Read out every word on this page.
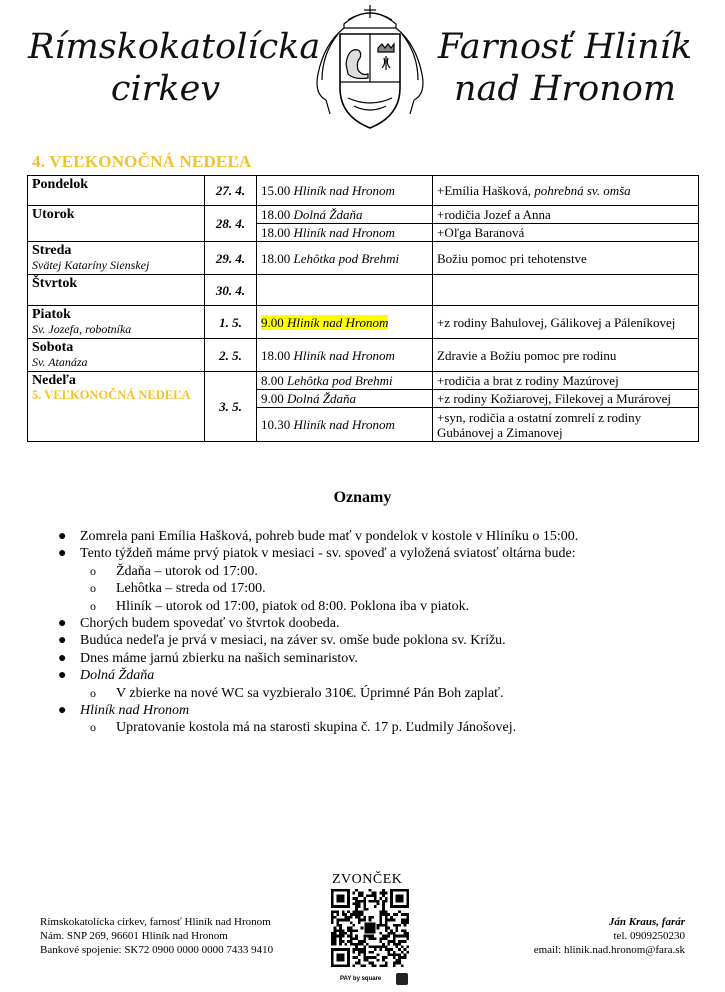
Rímskokatolícka
cirkev
Farnosť Hliník
nad Hronom
4. VEĽKONOČNÁ NEDEĽA
Pondelok	27. 4.	15.00 Hliník nad Hronom	+Emília Hašková, pohrebná sv. omša

Utorok	28. 4.	18.00 Dolná Ždaňa	+rodičia Jozef a Anna
		18.00 Hliník nad Hronom	+Oľga Baranová

Streda
Svätej Kataríny Sienskej	29. 4.	18.00 Lehôtka pod Brehmi	Božiu pomoc pri tehotenstve

Štvrtok	30. 4.		

Piatok
Sv. Jozefa, robotníka	1. 5.	9.00 Hliník nad Hronom	+z rodiny Bahulovej, Gálikovej a Páleníkovej

Sobota
Sv. Atanáza	2. 5.	18.00 Hliník nad Hronom	Zdravie a Božiu pomoc pre rodinu

Nedeľa
5. VEĽKONOČNÁ NEDEĽA	3. 5.	8.00 Lehôtka pod Brehmi	+rodičia a brat z rodiny Mazúrovej
		9.00 Dolná Ždaňa	+z rodiny Kožiarovej, Filekovej a Murárovej
		10.30 Hliník nad Hronom	+syn, rodičia a ostatní zomrelí z rodiny Gubánovej a Zimanovej
Oznamy
● Zomrela pani Emília Hašková, pohreb bude mať v pondelok v kostole v Hliníku o 15:00.
● Tento týždeň máme prvý piatok v mesiaci - sv. spoveď a vyložená sviatosť oltárna bude:
o Ždaňa – utorok od 17:00.
o Lehôtka – streda od 17:00.
o Hliník – utorok od 17:00, piatok od 8:00. Poklona iba v piatok.
● Chorých budem spovedať vo štvrtok doobeda.
● Budúca nedeľa je prvá v mesiaci, na záver sv. omše bude poklona sv. Krížu.
● Dnes máme jarnú zbierku na našich seminaristov.
● Dolná Ždaňa
o V zbierke na nové WC sa vyzbieralo 310€. Úprimné Pán Boh zaplať.
● Hliník nad Hronom
o Upratovanie kostola má na starosti skupina č. 17 p. Ľudmily Jánošovej.
ZVONČEK
PAY by square
Rímskokatolícka cirkev, farnosť Hliník nad Hronom
Nám. SNP 269, 96601 Hliník nad Hronom
Bankové spojenie: SK72 0900 0000 0000 7433 9410
Ján Kraus, farár
tel. 0909250230
email: hlinik.nad.hronom@fara.sk
